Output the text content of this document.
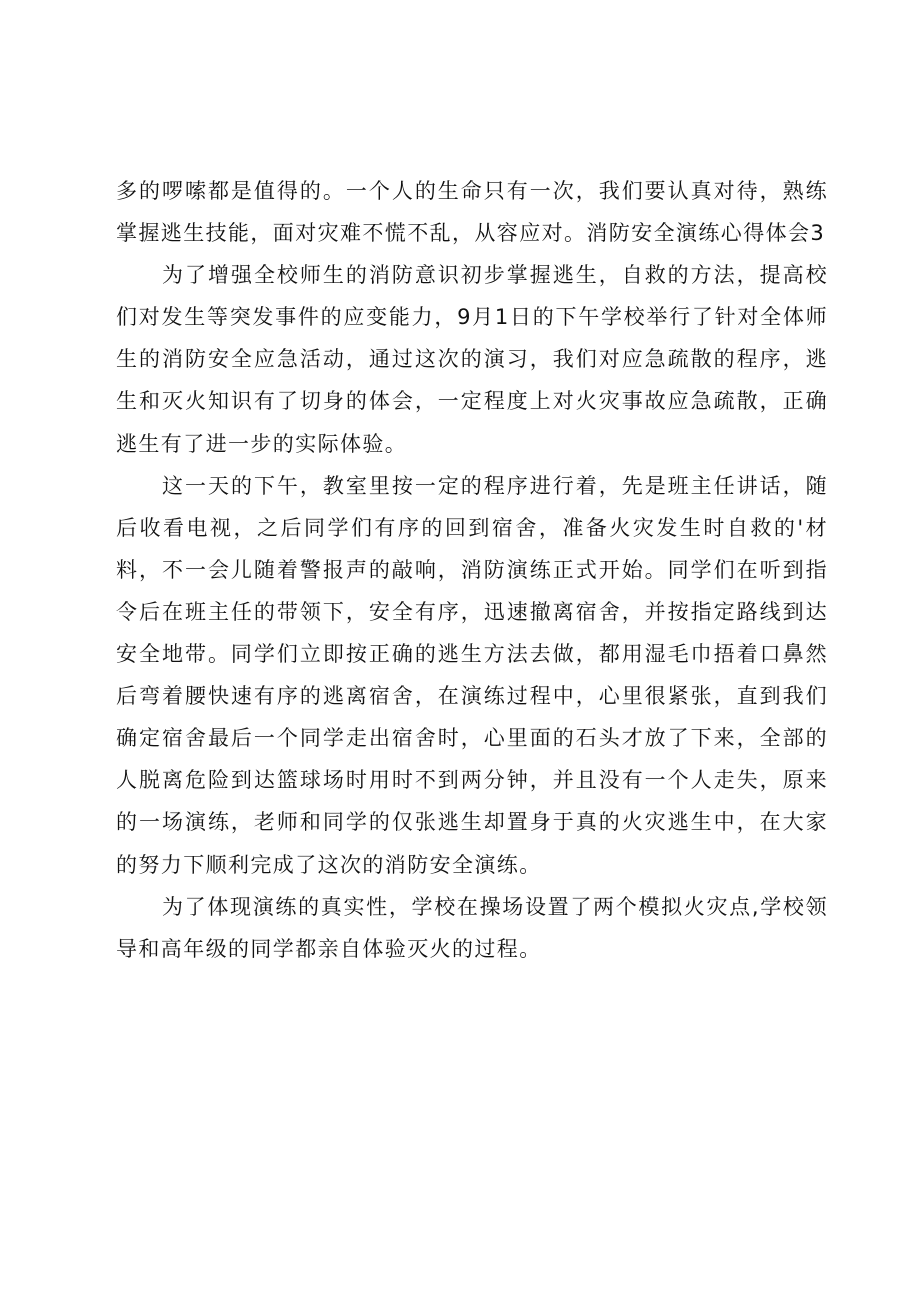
多的啰嗦都是值得的。一个人的生命只有一次，我们要认真对待，熟练掌握逃生技能，面对灾难不慌不乱，从容应对。消防安全演练心得体会3

为了增强全校师生的消防意识初步掌握逃生，自救的方法，提高校们对发生等突发事件的应变能力，9月1日的下午学校举行了针对全体师生的消防安全应急活动，通过这次的演习，我们对应急疏散的程序，逃生和灭火知识有了切身的体会，一定程度上对火灾事故应急疏散，正确逃生有了进一步的实际体验。

这一天的下午，教室里按一定的程序进行着，先是班主任讲话，随后收看电视，之后同学们有序的回到宿舍，准备火灾发生时自救的'材料，不一会儿随着警报声的敲响，消防演练正式开始。同学们在听到指令后在班主任的带领下，安全有序，迅速撤离宿舍，并按指定路线到达安全地带。同学们立即按正确的逃生方法去做，都用湿毛巾捂着口鼻然后弯着腰快速有序的逃离宿舍，在演练过程中，心里很紧张，直到我们确定宿舍最后一个同学走出宿舍时，心里面的石头才放了下来，全部的人脱离危险到达篮球场时用时不到两分钟，并且没有一个人走失，原来的一场演练，老师和同学的仅张逃生却置身于真的火灾逃生中，在大家的努力下顺利完成了这次的消防安全演练。

为了体现演练的真实性，学校在操场设置了两个模拟火灾点,学校领导和高年级的同学都亲自体验灭火的过程。
